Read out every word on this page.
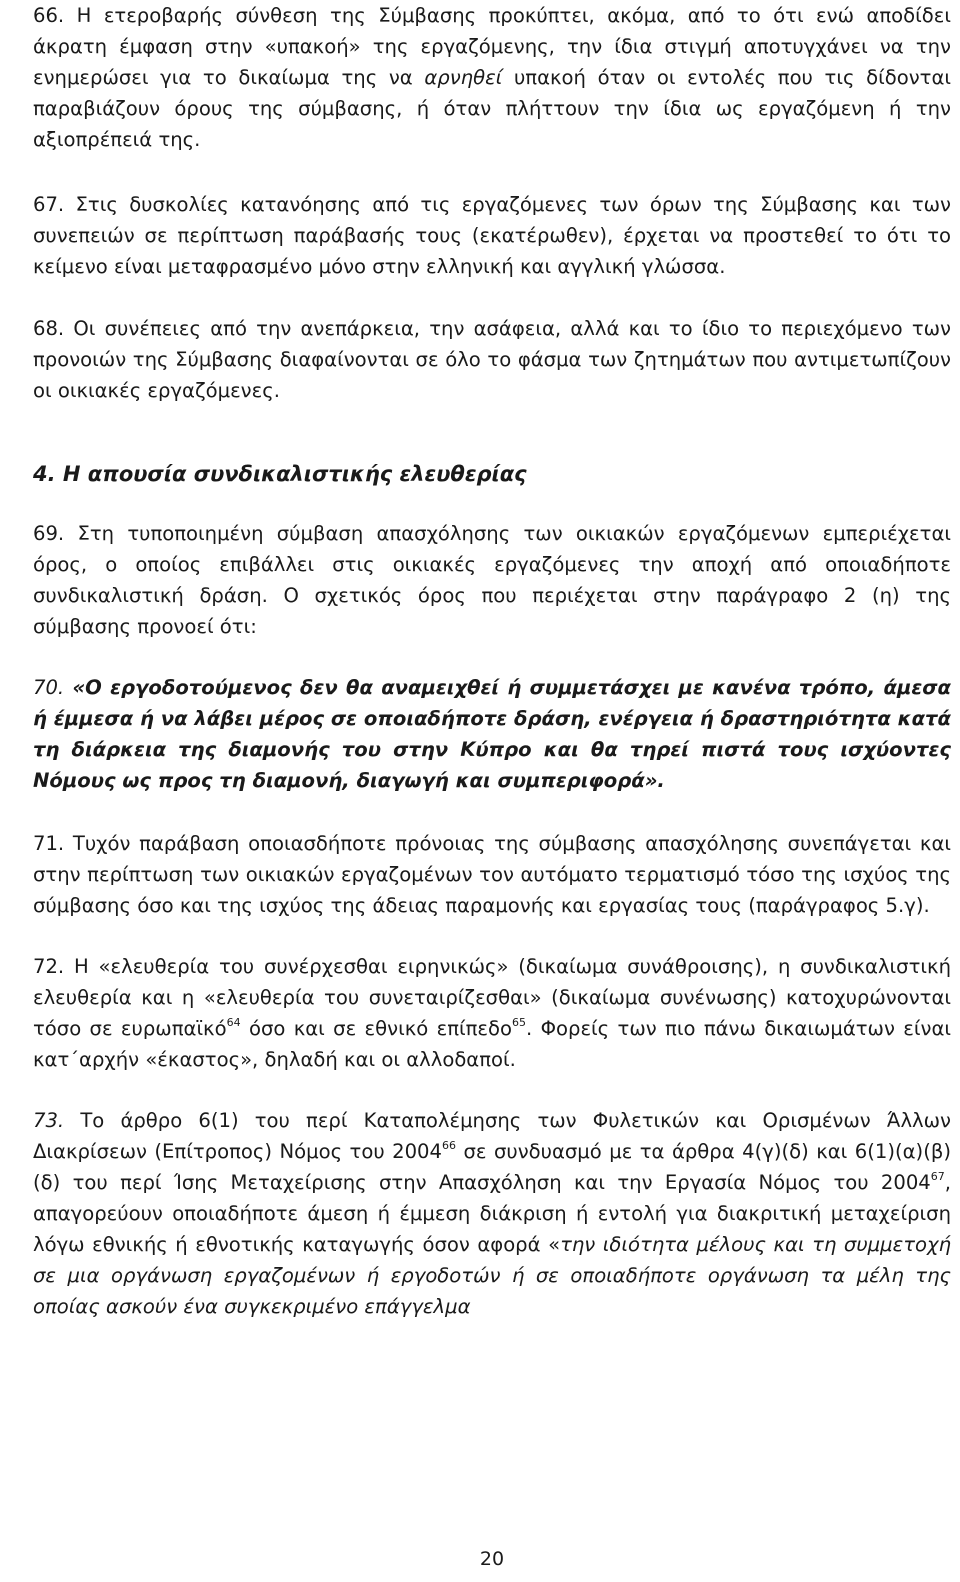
66. Η ετεροβαρής σύνθεση της Σύμβασης προκύπτει, ακόμα, από το ότι ενώ αποδίδει άκρατη έμφαση στην «υπακοή» της εργαζόμενης, την ίδια στιγμή αποτυγχάνει να την ενημερώσει για το δικαίωμα της να αρνηθεί υπακοή όταν οι εντολές που τις δίδονται παραβιάζουν όρους της σύμβασης, ή όταν πλήττουν την ίδια ως εργαζόμενη ή την αξιοπρέπειά της.

67. Στις δυσκολίες κατανόησης από τις εργαζόμενες των όρων της Σύμβασης και των συνεπειών σε περίπτωση παράβασής τους (εκατέρωθεν), έρχεται να προστεθεί το ότι το κείμενο είναι μεταφρασμένο μόνο στην ελληνική και αγγλική γλώσσα.

68. Οι συνέπειες από την ανεπάρκεια, την ασάφεια, αλλά και το ίδιο το περιεχόμενο των προνοιών της Σύμβασης διαφαίνονται σε όλο το φάσμα των ζητημάτων που αντιμετωπίζουν οι οικιακές εργαζόμενες.

4. Η απουσία συνδικαλιστικής ελευθερίας

69. Στη τυποποιημένη σύμβαση απασχόλησης των οικιακών εργαζόμενων εμπεριέχεται όρος, ο οποίος επιβάλλει στις οικιακές εργαζόμενες την αποχή από οποιαδήποτε συνδικαλιστική δράση. Ο σχετικός όρος που περιέχεται στην παράγραφο 2 (η) της σύμβασης προνοεί ότι:

70. «Ο εργοδοτούμενος δεν θα αναμειχθεί ή συμμετάσχει με κανένα τρόπο, άμεσα ή έμμεσα ή να λάβει μέρος σε οποιαδήποτε δράση, ενέργεια ή δραστηριότητα κατά τη διάρκεια της διαμονής του στην Κύπρο και θα τηρεί πιστά τους ισχύοντες Νόμους ως προς τη διαμονή, διαγωγή και συμπεριφορά».

71. Τυχόν παράβαση οποιασδήποτε πρόνοιας της σύμβασης απασχόλησης συνεπάγεται και στην περίπτωση των οικιακών εργαζομένων τον αυτόματο τερματισμό τόσο της ισχύος της σύμβασης όσο και της ισχύος της άδειας παραμονής και εργασίας τους (παράγραφος 5.γ).

72. Η «ελευθερία του συνέρχεσθαι ειρηνικώς» (δικαίωμα συνάθροισης), η συνδικαλιστική ελευθερία και η «ελευθερία του συνεταιρίζεσθαι» (δικαίωμα συνένωσης) κατοχυρώνονται τόσο σε ευρωπαϊκό$^{64}$ όσο και σε εθνικό επίπεδο$^{65}$. Φορείς των πιο πάνω δικαιωμάτων είναι κατ΄αρχήν «έκαστος», δηλαδή και οι αλλοδαποί.

73. Το άρθρο 6(1) του περί Καταπολέμησης των Φυλετικών και Ορισμένων Άλλων Διακρίσεων (Επίτροπος) Νόμος του 2004$^{66}$ σε συνδυασμό με τα άρθρα 4(γ)(δ) και 6(1)(α)(β)(δ) του περί Ίσης Μεταχείρισης στην Απασχόληση και την Εργασία Νόμος του 2004$^{67}$, απαγορεύουν οποιαδήποτε άμεση ή έμμεση διάκριση ή εντολή για διακριτική μεταχείριση λόγω εθνικής ή εθνοτικής καταγωγής όσον αφορά «την ιδιότητα μέλους και τη συμμετοχή σε μια οργάνωση εργαζομένων ή εργοδοτών ή σε οποιαδήποτε οργάνωση τα μέλη της οποίας ασκούν ένα συγκεκριμένο επάγγελμα

20
